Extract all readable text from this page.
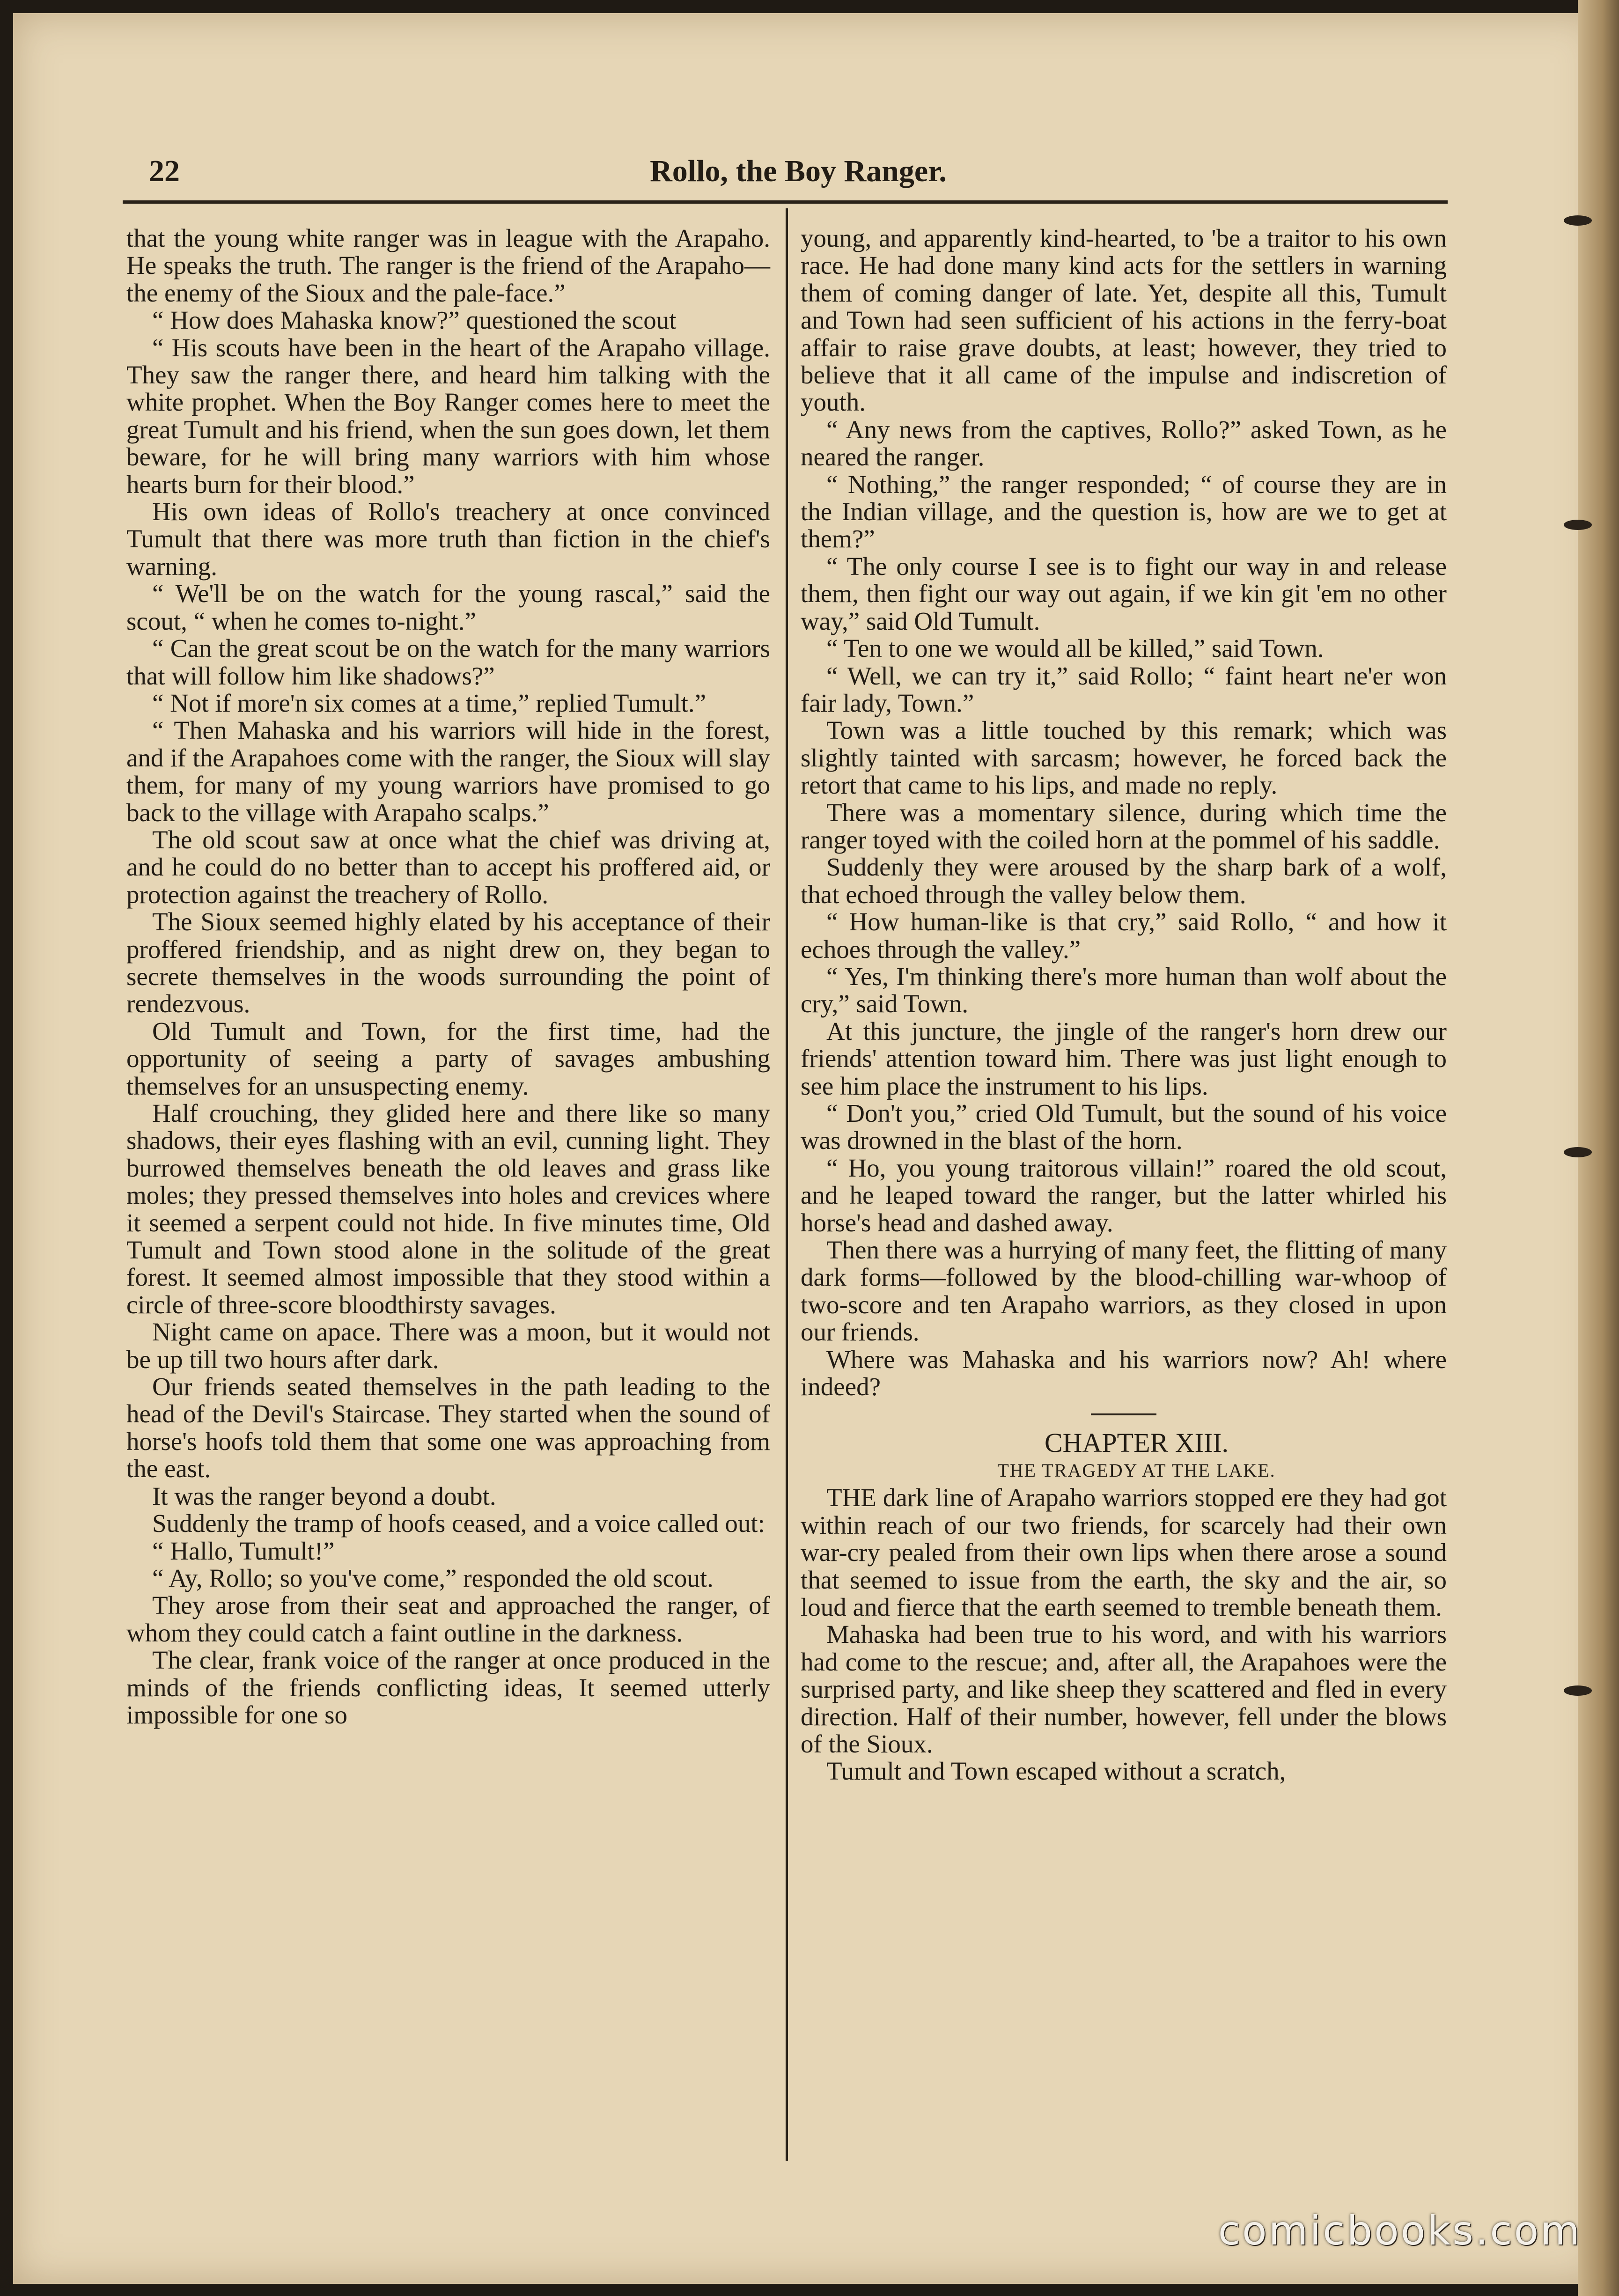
22	Rollo, the Boy Ranger.

that the young white ranger was in league with the Arapaho. He speaks the truth. The ranger is the friend of the Arapaho—the enemy of the Sioux and the pale-face.”

“ How does Mahaska know?” questioned the scout

“ His scouts have been in the heart of the Arapaho village. They saw the ranger there, and heard him talking with the white prophet. When the Boy Ranger comes here to meet the great Tumult and his friend, when the sun goes down, let them beware, for he will bring many warriors with him whose hearts burn for their blood.”

His own ideas of Rollo's treachery at once convinced Tumult that there was more truth than fiction in the chief's warning.

“ We'll be on the watch for the young rascal,” said the scout, “ when he comes to-night.”

“ Can the great scout be on the watch for the many warriors that will follow him like shadows?”

“ Not if more'n six comes at a time,” replied Tumult.”

“ Then Mahaska and his warriors will hide in the forest, and if the Arapahoes come with the ranger, the Sioux will slay them, for many of my young warriors have promised to go back to the village with Arapaho scalps.”

The old scout saw at once what the chief was driving at, and he could do no better than to accept his proffered aid, or protection against the treachery of Rollo.

The Sioux seemed highly elated by his acceptance of their proffered friendship, and as night drew on, they began to secrete themselves in the woods surrounding the point of rendezvous.

Old Tumult and Town, for the first time, had the opportunity of seeing a party of savages ambushing themselves for an unsuspecting enemy.

Half crouching, they glided here and there like so many shadows, their eyes flashing with an evil, cunning light. They burrowed themselves beneath the old leaves and grass like moles; they pressed themselves into holes and crevices where it seemed a serpent could not hide. In five minutes time, Old Tumult and Town stood alone in the solitude of the great forest. It seemed almost impossible that they stood within a circle of three-score bloodthirsty savages.

Night came on apace. There was a moon, but it would not be up till two hours after dark.

Our friends seated themselves in the path leading to the head of the Devil's Staircase. They started when the sound of horse's hoofs told them that some one was approaching from the east.

It was the ranger beyond a doubt.

Suddenly the tramp of hoofs ceased, and a voice called out:

“ Hallo, Tumult!”

“ Ay, Rollo; so you've come,” responded the old scout.

They arose from their seat and approached the ranger, of whom they could catch a faint outline in the darkness.

The clear, frank voice of the ranger at once produced in the minds of the friends conflicting ideas, It seemed utterly impossible for one so

young, and apparently kind-hearted, to 'be a traitor to his own race. He had done many kind acts for the settlers in warning them of coming danger of late. Yet, despite all this, Tumult and Town had seen sufficient of his actions in the ferry-boat affair to raise grave doubts, at least; however, they tried to believe that it all came of the impulse and indiscretion of youth.

“ Any news from the captives, Rollo?” asked Town, as he neared the ranger.

“ Nothing,” the ranger responded; “ of course they are in the Indian village, and the question is, how are we to get at them?”

“ The only course I see is to fight our way in and release them, then fight our way out again, if we kin git 'em no other way,” said Old Tumult.

“ Ten to one we would all be killed,” said Town.

“ Well, we can try it,” said Rollo; “ faint heart ne'er won fair lady, Town.”

Town was a little touched by this remark; which was slightly tainted with sarcasm; however, he forced back the retort that came to his lips, and made no reply.

There was a momentary silence, during which time the ranger toyed with the coiled horn at the pommel of his saddle.

Suddenly they were aroused by the sharp bark of a wolf, that echoed through the valley below them.

“ How human-like is that cry,” said Rollo, “ and how it echoes through the valley.”

“ Yes, I'm thinking there's more human than wolf about the cry,” said Town.

At this juncture, the jingle of the ranger's horn drew our friends' attention toward him. There was just light enough to see him place the instrument to his lips.

“ Don't you,” cried Old Tumult, but the sound of his voice was drowned in the blast of the horn.

“ Ho, you young traitorous villain!” roared the old scout, and he leaped toward the ranger, but the latter whirled his horse's head and dashed away.

Then there was a hurrying of many feet, the flitting of many dark forms—followed by the blood-chilling war-whoop of two-score and ten Arapaho warriors, as they closed in upon our friends.

Where was Mahaska and his warriors now? Ah! where indeed?

CHAPTER XIII.

THE TRAGEDY AT THE LAKE.

THE dark line of Arapaho warriors stopped ere they had got within reach of our two friends, for scarcely had their own war-cry pealed from their own lips when there arose a sound that seemed to issue from the earth, the sky and the air, so loud and fierce that the earth seemed to tremble beneath them.

Mahaska had been true to his word, and with his warriors had come to the rescue; and, after all, the Arapahoes were the surprised party, and like sheep they scattered and fled in every direction. Half of their number, however, fell under the blows of the Sioux.

Tumult and Town escaped without a scratch,

comicbooks.com
